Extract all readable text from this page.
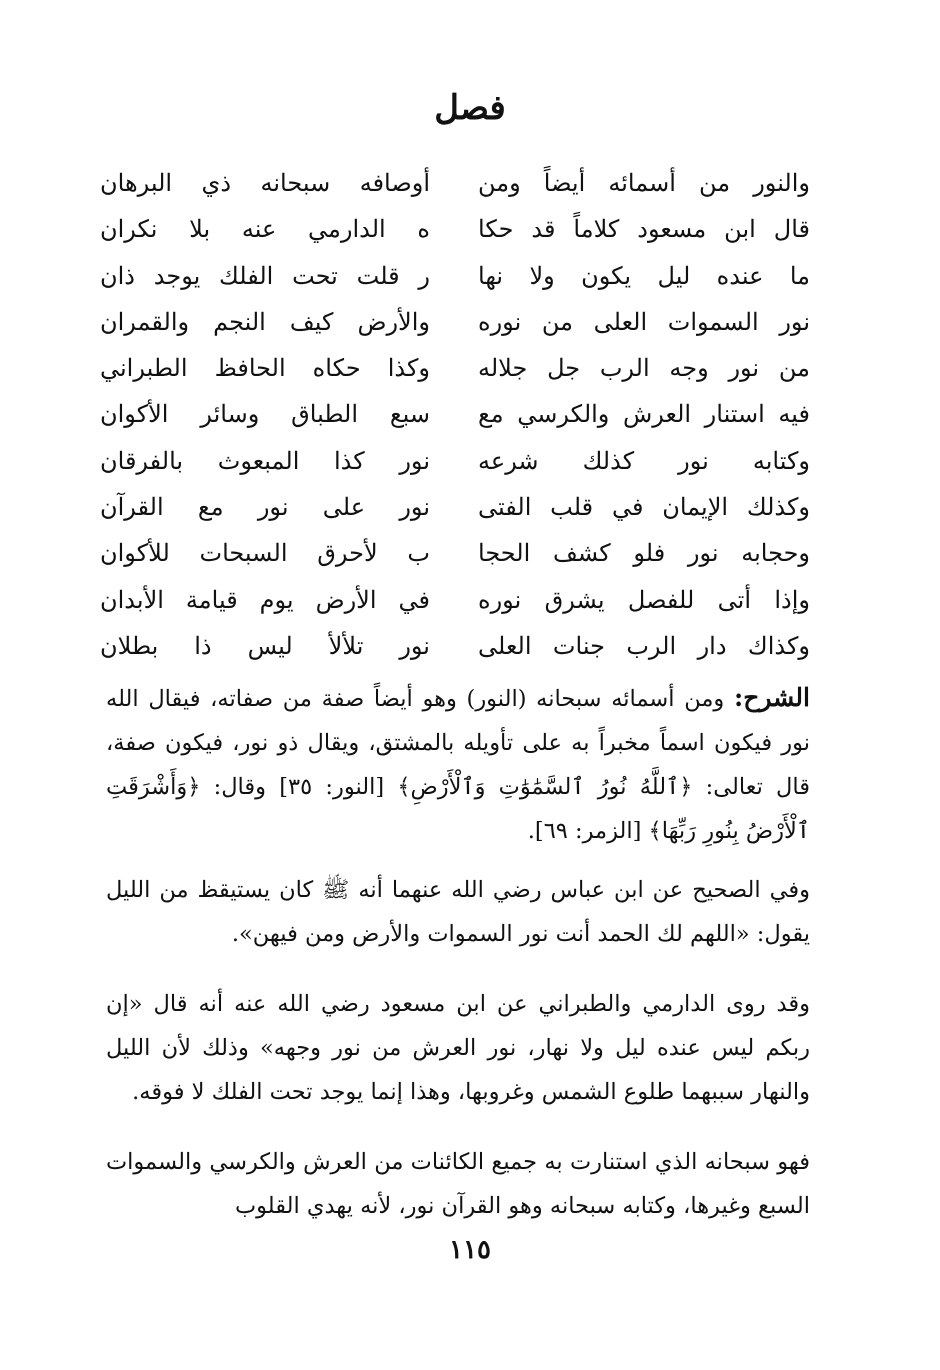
فصل
والنور من أسمائه أيضاً ومن
أوصافه سبحانه ذي البرهان
قال ابن مسعود كلاماً قد حكا
ه الدارمي عنه بلا نكران
ما عنده ليل يكون ولا نها
ر قلت تحت الفلك يوجد ذان
نور السموات العلى من نوره
والأرض كيف النجم والقمران
من نور وجه الرب جل جلاله
وكذا حكاه الحافظ الطبراني
فيه استنار العرش والكرسي مع
سبع الطباق وسائر الأكوان
وكتابه نور كذلك شرعه
نور كذا المبعوث بالفرقان
وكذلك الإيمان في قلب الفتى
نور على نور مع القرآن
وحجابه نور فلو كشف الحجا
ب لأحرق السبحات للأكوان
وإذا أتى للفصل يشرق نوره
في الأرض يوم قيامة الأبدان
وكذاك دار الرب جنات العلى
نور تلألأ ليس ذا بطلان
الشرح: ومن أسمائه سبحانه (النور) وهو أيضاً صفة من صفاته، فيقال الله نور فيكون اسماً مخبراً به على تأويله بالمشتق، ويقال ذو نور، فيكون صفة، قال تعالى: ﴿ٱللَّهُ نُورُ ٱلسَّمَٰوَٰتِ وَٱلْأَرْضِ﴾ [النور: ٣٥] وقال: ﴿وَأَشْرَقَتِ ٱلْأَرْضُ بِنُورِ رَبِّهَا﴾ [الزمر: ٦٩].
وفي الصحيح عن ابن عباس رضي الله عنهما أنه ﷺ كان يستيقظ من الليل يقول: «اللهم لك الحمد أنت نور السموات والأرض ومن فيهن».
وقد روى الدارمي والطبراني عن ابن مسعود رضي الله عنه أنه قال «إن ربكم ليس عنده ليل ولا نهار، نور العرش من نور وجهه» وذلك لأن الليل والنهار سببهما طلوع الشمس وغروبها، وهذا إنما يوجد تحت الفلك لا فوقه.
فهو سبحانه الذي استنارت به جميع الكائنات من العرش والكرسي والسموات السبع وغيرها، وكتابه سبحانه وهو القرآن نور، لأنه يهدي القلوب
١١٥
